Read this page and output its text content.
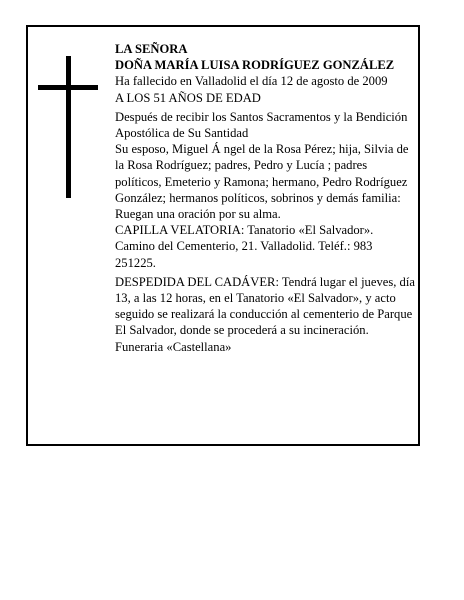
LA SEÑORA

DOÑA MARÍA LUISA RODRÍGUEZ GONZÁLEZ

Ha fallecido en Valladolid el día 12 de agosto de 2009

A LOS 51 AÑOS DE EDAD

Después de recibir los Santos Sacramentos y la Bendición Apostólica de Su Santidad

Su esposo, Miguel Á ngel de la Rosa Pérez; hija, Silvia de la Rosa Rodríguez; padres, Pedro y Lucía ; padres políticos, Emeterio y Ramona; hermano, Pedro Rodríguez González; hermanos políticos, sobrinos y demás familia:

Ruegan una oración por su alma.

CAPILLA VELATORIA: Tanatorio «El Salvador». Camino del Cementerio, 21. Valladolid. Teléf.: 983 251225.

DESPEDIDA DEL CADÁVER: Tendrá lugar el jueves, día 13, a las 12 horas, en el Tanatorio «El Salvador», y acto seguido se realizará la conducción al cementerio de Parque El Salvador, donde se procederá a su incineración.

Funeraria «Castellana»
